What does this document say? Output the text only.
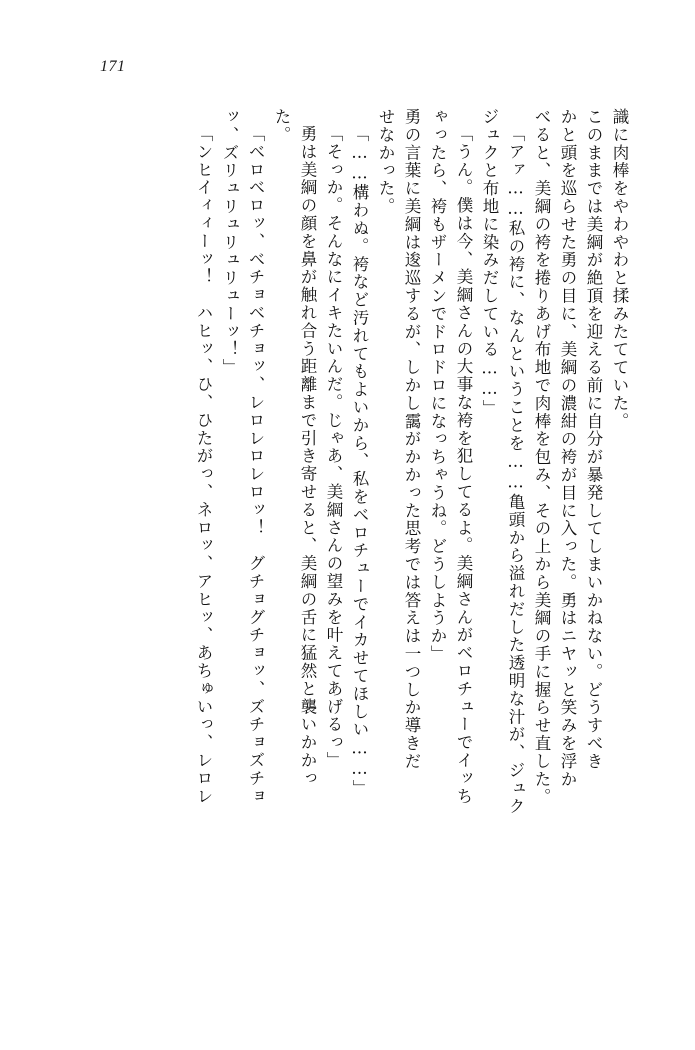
171
識に肉棒をやわやわと揉みたてていた。
このままでは美綱が絶頂を迎える前に自分が暴発してしまいかねない。どうすべき
かと頭を巡らせた勇の目に、美綱の濃紺の袴が目に入った。勇はニヤッと笑みを浮か
べると、美綱の袴を捲りあげ布地で肉棒を包み、その上から美綱の手に握らせ直した。
「アァ……私の袴に、なんということを……亀頭から溢れだした透明な汁が、ジュク
ジュクと布地に染みだしている……」
「うん。僕は今、美綱さんの大事な袴を犯してるよ。美綱さんがベロチューでイッち
ゃったら、袴もザーメンでドロドロになっちゃうね。どうしようか」
勇の言葉に美綱は逡巡するが、しかし靄がかかった思考では答えは一つしか導きだ
せなかった。
「……構わぬ。袴など汚れてもよいから、私をベロチューでイカせてほしい……」
「そっか。そんなにイキたいんだ。じゃあ、美綱さんの望みを叶えてあげるっ」
勇は美綱の顔を鼻が触れ合う距離まで引き寄せると、美綱の舌に猛然と襲いかかっ
た。
「ベロベロッ、ベチョベチョッ、レロレロレロッ！　グチョグチョッ、ズチョズチョ
ッ、ズリュリュリュリューッ！」
「ンヒイィィーッ！　ハヒッ、ひ、ひたがっ、ネロッ、アヒッ、あちゅいっ、レロレ
